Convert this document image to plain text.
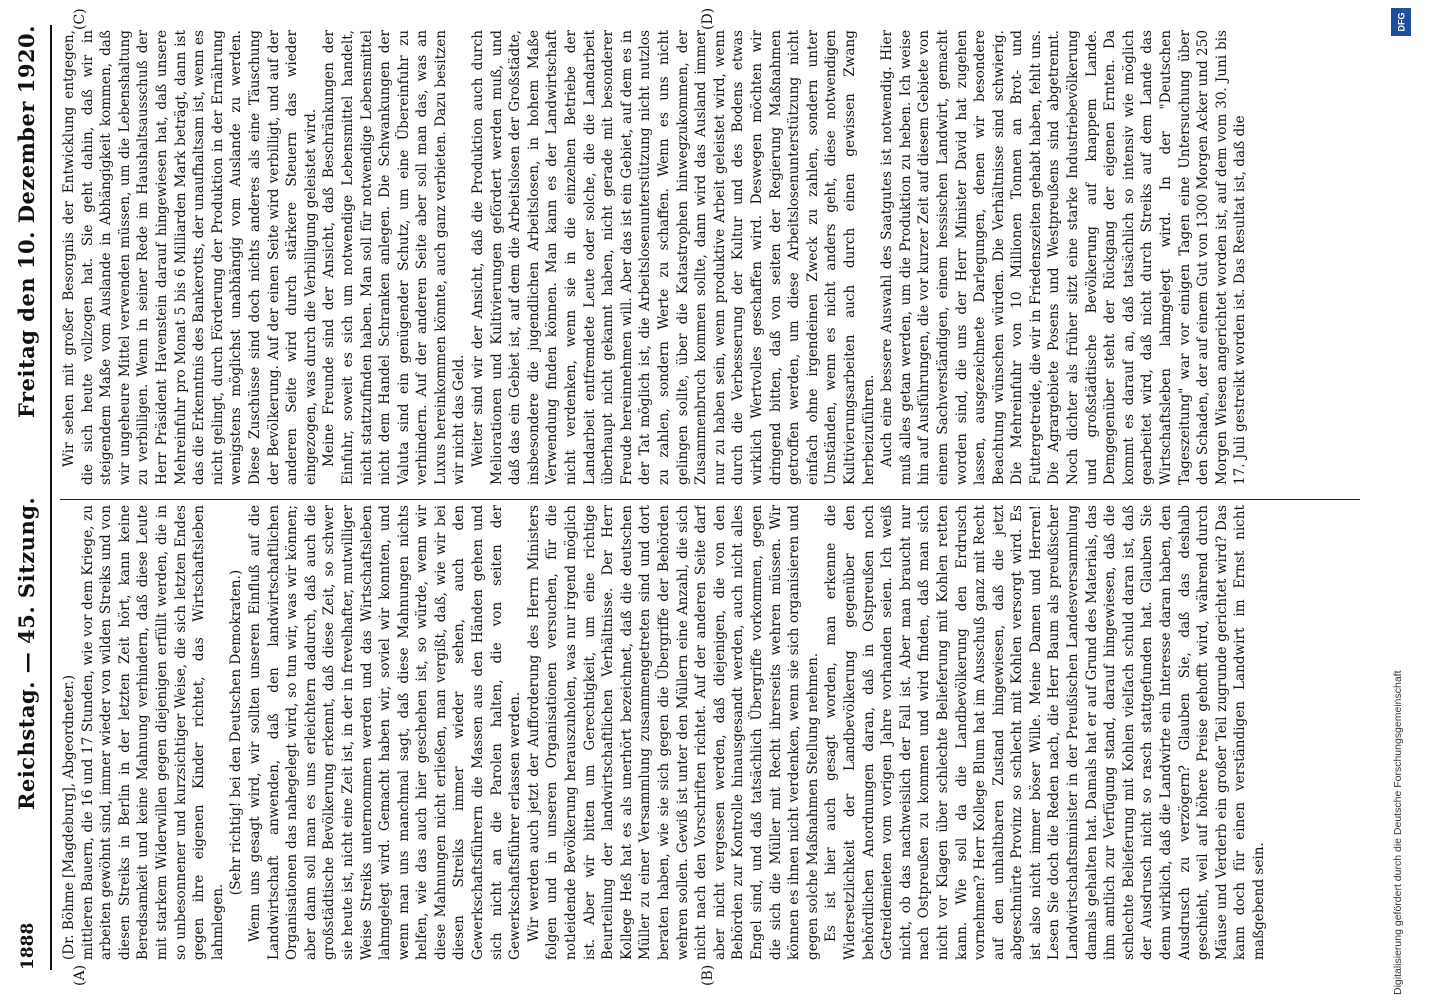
1888
Reichstag. — 45. Sitzung.
Freitag den 10. Dezember 1920.
(A)	(B)
(C)	(D)

(Dr. Böhme [Magdeburg], Abgeordneter.) mittleren Bauern, die 16 und 17 Stunden, wie vor dem Kriege, zu arbeiten gewöhnt sind, immer wieder von wilden Streiks und von diesen Streiks in Berlin in der letzten Zeit hört, kann keine Beredsamkeit und keine Mahnung verhindern, daß diese Leute mit starkem Widerwillen gegen diejenigen erfüllt werden, die in so unbesonnener und kurzsichtiger Weise, die sich letzten Endes gegen ihre eigenen Kinder richtet, das Wirtschaftsleben lahmlegen.

(Sehr richtig! bei den Deutschen Demokraten.) Wenn uns gesagt wird, wir sollten unseren Einfluß auf die Landwirtschaft anwenden, daß den landwirtschaftlichen Organisationen das nahegelegt wird, so tun wir, was wir können; aber dann soll man es uns erleichtern dadurch, daß auch die großstädtische Bevölkerung erkennt, daß diese Zeit, so schwer sie heute ist, nicht eine Zeit ist, in der in frevelhafter, mutwilliger Weise Streiks unternommen werden und das Wirtschaftsleben lahmgelegt wird. Gemacht haben wir, soviel wir konnten, und wenn man uns manchmal sagt, daß diese Mahnungen nichts helfen, wie das auch hier geschehen ist, so würde, wenn wir diese Mahnungen nicht erließen, man vergißt, daß, wie wir bei diesen Streiks immer wieder sehen, auch den Gewerkschaftsführern die Massen aus den Händen gehen und sich nicht an die Parolen halten, die von seiten der Gewerkschaftsführer erlassen werden. Wir werden auch jetzt der Aufforderung des Herrn Ministers folgen und in unseren Organisationen versuchen, für die notleidende Bevölkerung herauszuholen, was nur irgend möglich ist. Aber wir bitten um Gerechtigkeit, um eine richtige Beurteilung der landwirtschaftlichen Verhältnisse. Der Herr Kollege Heß hat es als unerhört bezeichnet, daß die deutschen Müller zu einer Versammlung zusammengetreten sind und dort beraten haben, wie sie sich gegen die Übergriffe der Behörden wehren sollen. Gewiß ist unter den Müllern eine Anzahl, die sich nicht nach den Vorschriften richtet. Auf der anderen Seite darf aber nicht vergessen werden, daß diejenigen, die von den Behörden zur Kontrolle hinausgesandt werden, auch nicht alles Engel sind, und daß tatsächlich Übergriffe vorkommen, gegen die sich die Müller mit Recht ihrerseits wehren müssen. Wir können es ihnen nicht verdenken, wenn sie sich organisieren und gegen solche Maßnahmen Stellung nehmen. Es ist hier auch gesagt worden, man erkenne die Widersetzlichkeit der Landbevölkerung gegenüber den behördlichen Anordnungen daran, daß in Ostpreußen noch Getreidemieten vom vorigen Jahre vorhanden seien. Ich weiß nicht, ob das nachweislich der Fall ist. Aber man braucht nur nach Ostpreußen zu kommen und wird finden, daß man sich nicht vor Klagen über schlechte Belieferung mit Kohlen retten kann. Wie soll da die Landbevölkerung den Erdrusch vornehmen? Herr Kollege Blum hat im Ausschuß ganz mit Recht auf den unhaltbaren Zustand hingewiesen, daß die jetzt abgeschnürte Provinz so schlecht mit Kohlen versorgt wird. Es ist also nicht immer böser Wille. Meine Damen und Herren! Lesen Sie doch die Reden nach, die Herr Baum als preußischer Landwirtschaftsminister in der Preußischen Landesversammlung damals gehalten hat. Damals hat er auf Grund des Materials, das ihm amtlich zur Verfügung stand, darauf hingewiesen, daß die schlechte Belieferung mit Kohlen vielfach schuld daran ist, daß der Ausdrusch nicht so rasch stattgefunden hat. Glauben Sie denn wirklich, daß die Landwirte ein Interesse daran haben, den Ausdrusch zu verzögern? Glauben Sie, daß das deshalb geschieht, weil auf höhere Preise gehofft wird, während durch Mäuse und Verderb ein großer Teil zugrunde gerichtet wird? Das kann doch für einen verständigen Landwirt im Ernst nicht maßgebend sein.

Wir sehen mit großer Besorgnis der Entwicklung entgegen, die sich heute vollzogen hat. Sie geht dahin, daß wir in steigendem Maße vom Auslande in Abhängigkeit kommen, daß wir ungeheure Mittel verwenden müssen, um die Lebenshaltung zu verbilligen. Wenn in seiner Rede im Haushaltsausschuß der Herr Präsident Havenstein darauf hingewiesen hat, daß unsere Mehreinfuhr pro Monat 5 bis 6 Milliarden Mark beträgt, dann ist das die Erkenntnis des Bankerotts, der unaufhaltsam ist, wenn es nicht gelingt, durch Förderung der Produktion in der Ernährung wenigstens möglichst unabhängig vom Auslande zu werden. Diese Zuschüsse sind doch nichts anderes als eine Täuschung der Bevölkerung. Auf der einen Seite wird verbilligt, und auf der anderen Seite wird durch stärkere Steuern das wieder eingezogen, was durch die Verbilligung geleistet wird. Meine Freunde sind der Ansicht, daß Beschränkungen der Einfuhr, soweit es sich um notwendige Lebensmittel handelt, nicht stattzufinden haben. Man soll für notwendige Lebensmittel nicht dem Handel Schranken anlegen. Die Schwankungen der Valuta sind ein genügender Schutz, um eine Übereinfuhr zu verhindern. Auf der anderen Seite aber soll man das, was an Luxus hereinkommen könnte, auch ganz verbieten. Dazu besitzen wir nicht das Geld. Weiter sind wir der Ansicht, daß die Produktion auch durch Meliorationen und Kultivierungen gefördert werden muß, und daß das ein Gebiet ist, auf dem die Arbeitslosen der Großstädte, insbesondere die jugendlichen Arbeitslosen, in hohem Maße Verwendung finden können. Man kann es der Landwirtschaft nicht verdenken, wenn sie in die einzelnen Betriebe der Landarbeit entfremdete Leute oder solche, die die Landarbeit überhaupt nicht gekannt haben, nicht gerade mit besonderer Freude hereinnehmen will. Aber das ist ein Gebiet, auf dem es in der Tat möglich ist, die Arbeitslosenunterstützung nicht nutzlos zu zahlen, sondern Werte zu schaffen. Wenn es uns nicht gelingen sollte, über die Katastrophen hinwegzukommen, der Zusammenbruch kommen sollte, dann wird das Ausland immer nur zu haben sein, wenn produktive Arbeit geleistet wird, wenn durch die Verbesserung der Kultur und des Bodens etwas wirklich Wertvolles geschaffen wird. Deswegen möchten wir dringend bitten, daß von seiten der Regierung Maßnahmen getroffen werden, um diese Arbeitslosenunterstützung nicht einfach ohne irgendeinen Zweck zu zahlen, sondern unter Umständen, wenn es nicht anders geht, diese notwendigen Kultivierungsarbeiten auch durch einen gewissen Zwang herbeizuführen. Auch eine bessere Auswahl des Saatgutes ist notwendig. Hier muß alles getan werden, um die Produktion zu heben. Ich weise hin auf Ausführungen, die vor kurzer Zeit auf diesem Gebiete von einem Sachverständigen, einem hessischen Landwirt, gemacht worden sind, die uns der Herr Minister David hat zugehen lassen, ausgezeichnete Darlegungen, denen wir besondere Beachtung wünschen würden. Die Verhältnisse sind schwierig. Die Mehreinfuhr von 10 Millionen Tonnen an Brot- und Futtergetreide, die wir in Friedenszeiten gehabt haben, fehlt uns. Die Agrargebiete Posens und Westpreußens sind abgetrennt. Noch dichter als früher sitzt eine starke Industriebevölkerung und großstädtische Bevölkerung auf knappem Lande. Demgegenüber steht der Rückgang der eigenen Ernten. Da kommt es darauf an, daß tatsächlich so intensiv wie möglich gearbeitet wird, daß nicht durch Streiks auf dem Lande das Wirtschaftsleben lahmgelegt wird. In der "Deutschen Tageszeitung" war vor einigen Tagen eine Untersuchung über den Schaden, der auf einem Gut von 1300 Morgen Acker und 250 Morgen Wiesen angerichtet worden ist, auf dem vom 30. Juni bis 17. Juli gestreikt worden ist. Das Resultat ist, daß die

DFG
Digitalisierung gefördert durch die Deutsche Forschungsgemeinschaft
